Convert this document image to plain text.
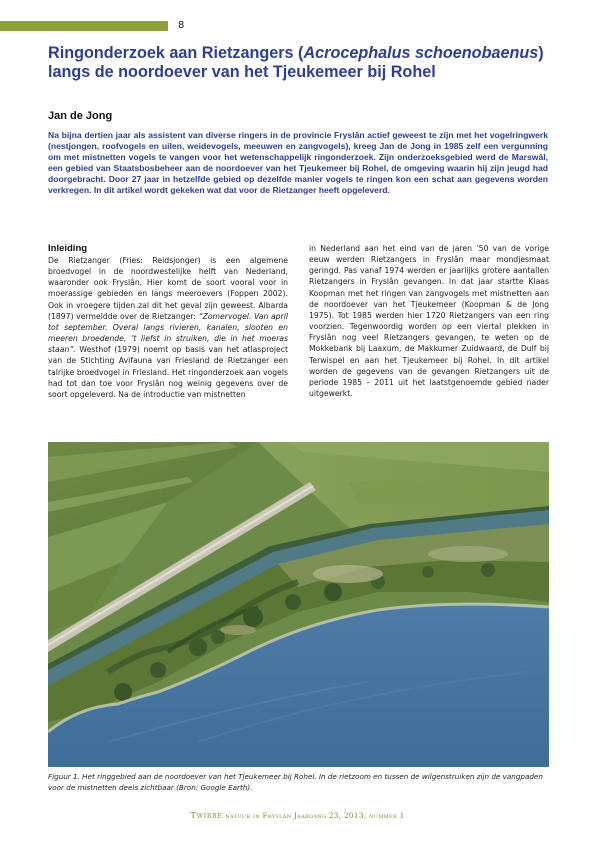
8
Ringonderzoek aan Rietzangers (Acrocephalus schoenobaenus) langs de noordoever van het Tjeukemeer bij Rohel
Jan de Jong

Na bijna dertien jaar als assistent van diverse ringers in de provincie Fryslân actief geweest te zijn met het vogelringwerk (nestjongen, roofvogels en uilen, weidevogels, meeuwen en zangvogels), kreeg Jan de Jong in 1985 zelf een vergunning om met mistnetten vogels te vangen voor het wetenschappelijk ringonderzoek. Zijn onderzoeksgebied werd de Marswâl, een gebied van Staatsbosbeheer aan de noordoever van het Tjeukemeer bij Rohel, de omgeving waarin hij zijn jeugd had doorgebracht. Door 27 jaar in hetzelfde gebied op dezelfde manier vogels te ringen kon een schat aan gegevens worden verkregen. In dit artikel wordt gekeken wat dat voor de Rietzanger heeft opgeleverd.

Inleiding

De Rietzanger (Fries: Reidsjonger) is een algemene broedvogel in de noordwestelijke helft van Nederland, waaronder ook Fryslân. Hier komt de soort vooral voor in moerassige gebieden en langs meeroevers (Foppen 2002). Ook in vroegere tijden zal dit het geval zijn geweest. Albarda (1897) vermeldde over de Rietzanger: “Zomervogel. Van april tot september. Overal langs rivieren, kanalen, slooten en meeren broedende, ’t liefst in struiken, die in het moeras staan”. Westhof (1979) noemt op basis van het atlasproject van de Stichting Avifauna van Friesland de Rietzanger een talrijke broedvogel in Friesland. Het ringonderzoek aan vogels had tot dan toe voor Fryslân nog weinig gegevens over de soort opgeleverd. Na de introductie van mistnetten

in Nederland aan het eind van de jaren ‘50 van de vorige eeuw werden Rietzangers in Fryslân maar mondjesmaat geringd. Pas vanaf 1974 werden er jaarlijks grotere aantallen Rietzangers in Fryslân gevangen. In dat jaar startte Klaas Koopman met het ringen van zangvogels met mistnetten aan de noordoever van het Tjeukemeer (Koopman & de Jong 1975). Tot 1985 werden hier 1720 Rietzangers van een ring voorzien. Tegenwoordig worden op een viertal plekken in Fryslân nog veel Rietzangers gevangen, te weten op de Mokkebank bij Laaxum, de Makkumer Zuidwaard, de Dulf bij Terwispel en aan het Tjeukemeer bij Rohel. In dit artikel worden de gegevens van de gevangen Rietzangers uit de periode 1985 – 2011 uit het laatstgenoemde gebied nader uitgewerkt.

Figuur 1. Het ringgebied aan de noordoever van het Tjeukemeer bij Rohel. In de rietzoom en tussen de wilgenstruiken zijn de vangpaden voor de mistnetten deels zichtbaar (Bron: Google Earth).

Twirre natuur in Fryslân Jaargang 23, 2013, nummer 1
